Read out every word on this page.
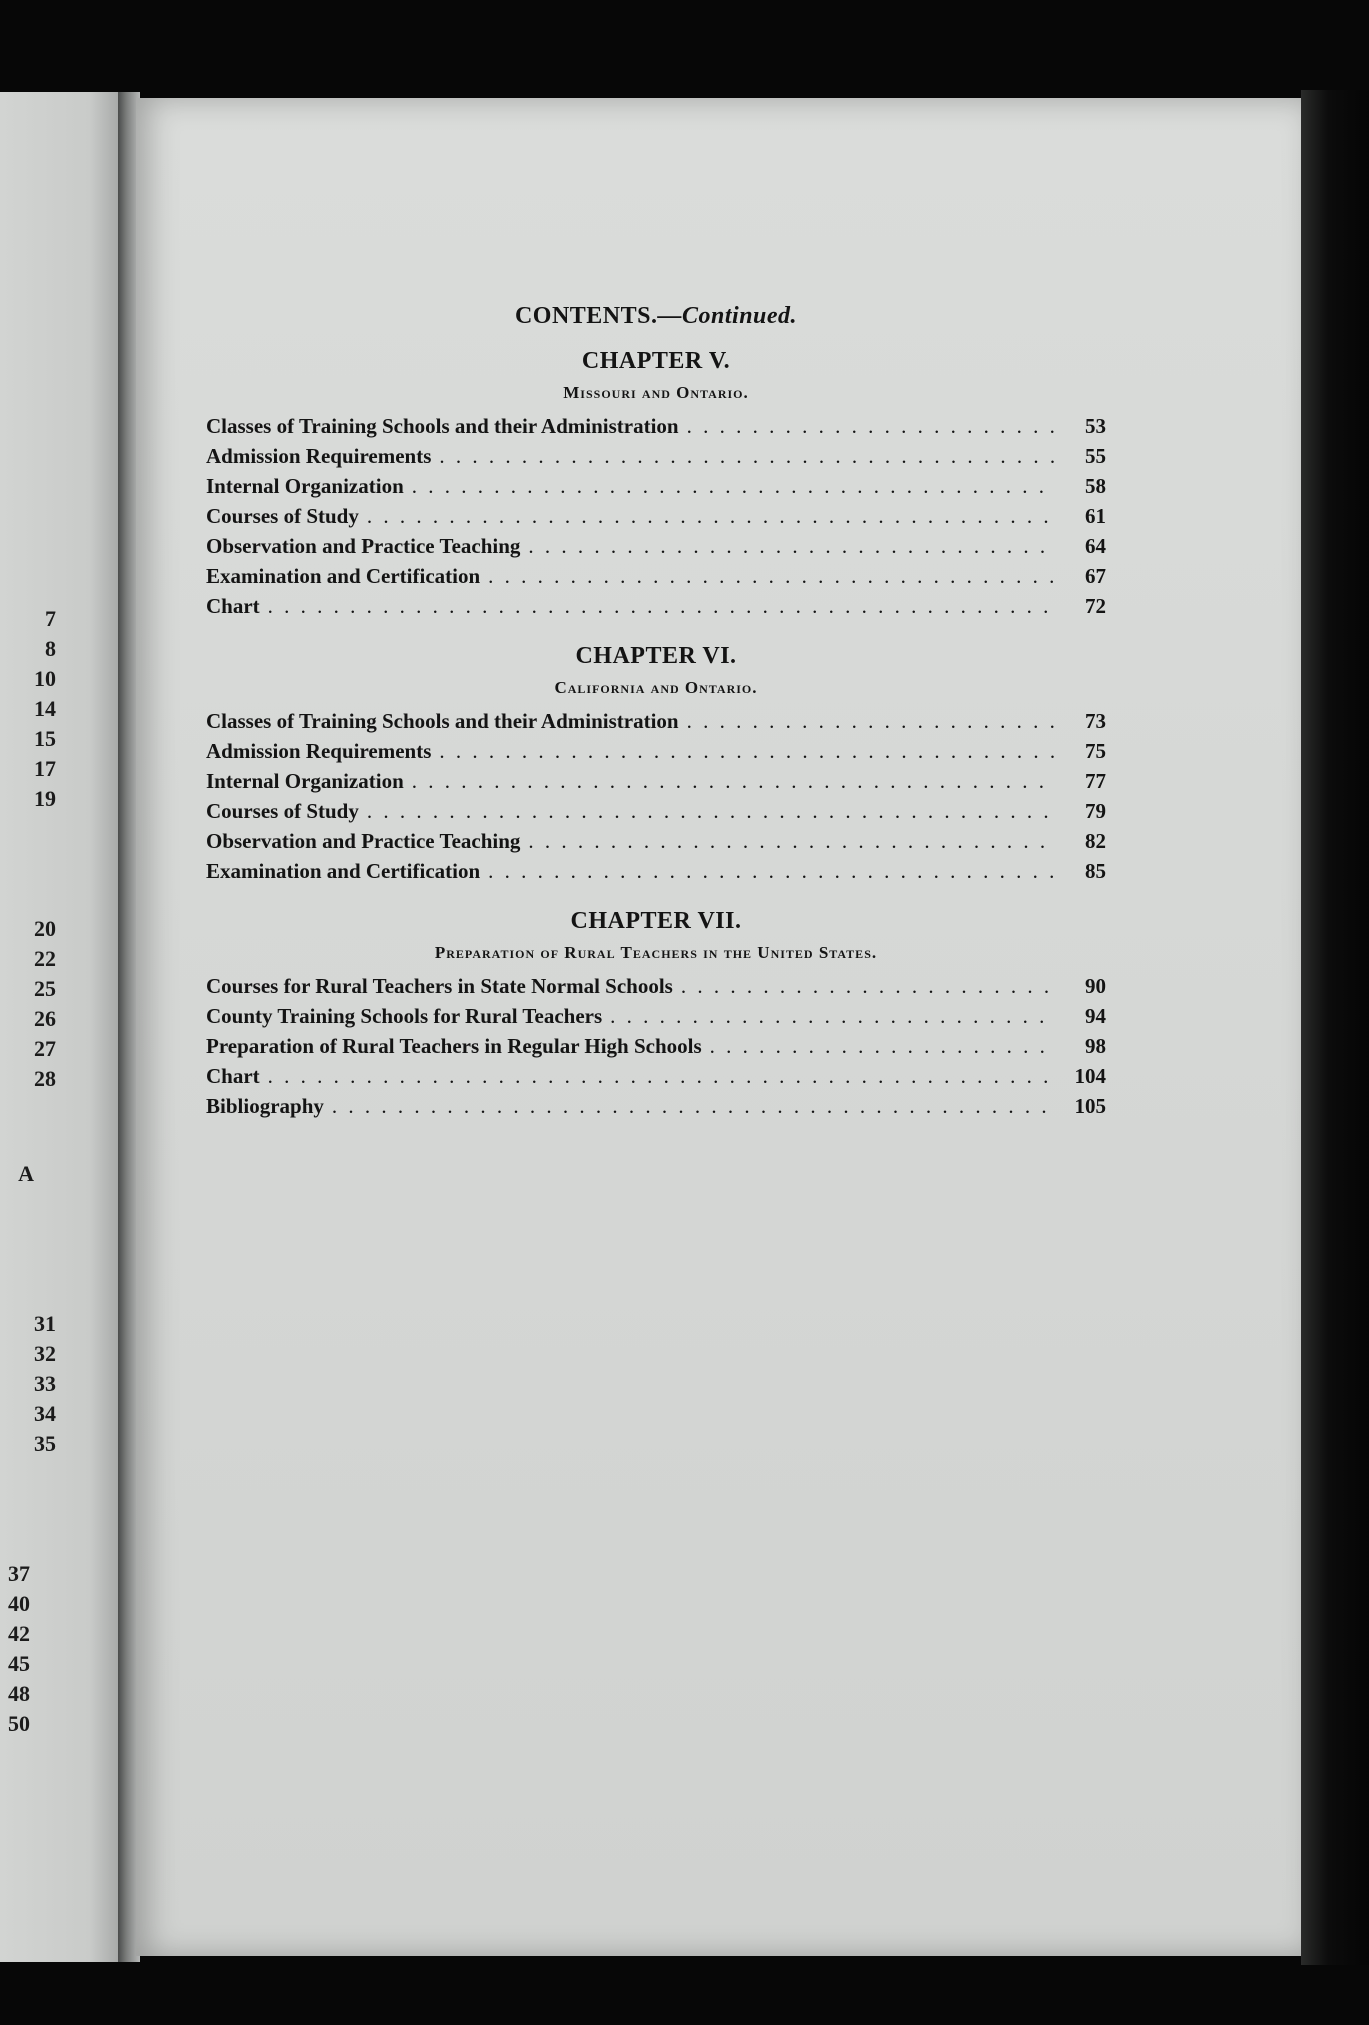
7
8
10
14
15
17
19
20
22
25
26
27
28
A
31
32
33
34
35
37
40
42
45
48
50
CONTENTS.—Continued.
CHAPTER V.
Missouri and Ontario.
Classes of Training Schools and their Administration . . .	53
Admission Requirements . . .	55
Internal Organization . . .	58
Courses of Study . . .	61
Observation and Practice Teaching . . .	64
Examination and Certification . . .	67
Chart . . .	72
CHAPTER VI.
California and Ontario.
Classes of Training Schools and their Administration . . .	73
Admission Requirements . . .	75
Internal Organization . . .	77
Courses of Study . . .	79
Observation and Practice Teaching . . .	82
Examination and Certification . . .	85
CHAPTER VII.
Preparation of Rural Teachers in the United States.
Courses for Rural Teachers in State Normal Schools . . .	90
County Training Schools for Rural Teachers . . .	94
Preparation of Rural Teachers in Regular High Schools . . .	98
Chart . . .	104
Bibliography . . .	105
